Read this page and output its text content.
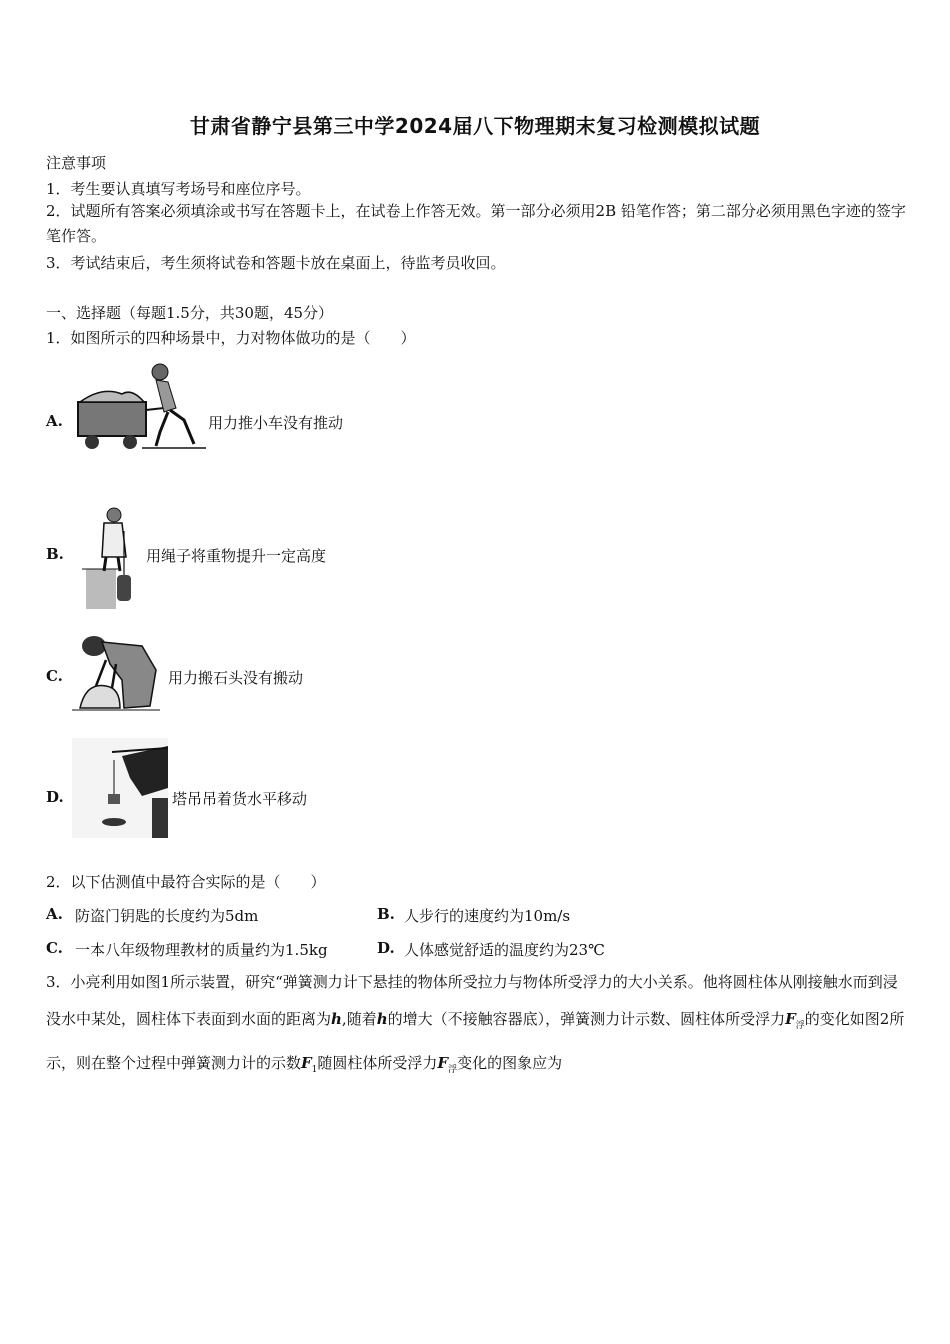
甘肃省静宁县第三中学2024届八下物理期末复习检测模拟试题
注意事项
1．考生要认真填写考场号和座位序号。
2．试题所有答案必须填涂或书写在答题卡上，在试卷上作答无效。第一部分必须用2B 铅笔作答；第二部分必须用黑色字迹的签字笔作答。
3．考试结束后，考生须将试卷和答题卡放在桌面上，待监考员收回。
一、选择题（每题1.5分，共30题，45分）
1．如图所示的四种场景中，力对物体做功的是（　　）
A.	用力推小车没有推动
B.	用绳子将重物提升一定高度
C.	用力搬石头没有搬动
D.	塔吊吊着货水平移动
2．以下估测值中最符合实际的是（　　）
A. 防盗门钥匙的长度约为5dm	B. 人步行的速度约为10m/s
C. 一本八年级物理教材的质量约为1.5kg	D. 人体感觉舒适的温度约为23℃
3．小亮利用如图1所示装置，研究“弹簧测力计下悬挂的物体所受拉力与物体所受浮力的大小关系。他将圆柱体从刚接触水而到浸没水中某处，圆柱体下表面到水面的距离为h,随着h的增大（不接触容器底），弹簧测力计示数、圆柱体所受浮力$F_浮$的变化如图2所示，则在整个过程中弹簧测力计的示数$F_1$随圆柱体所受浮力$F_浮$变化的图象应为
